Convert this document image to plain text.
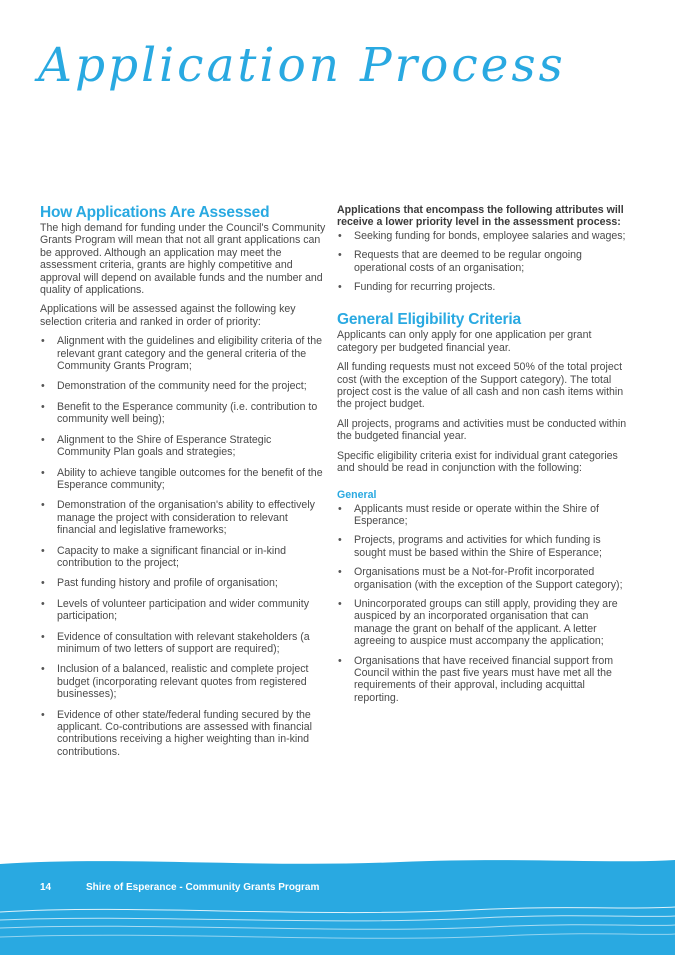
Application Process
How Applications Are Assessed

The high demand for funding under the Council's Community Grants Program will mean that not all grant applications can be approved. Although an application may meet the assessment criteria, grants are highly competitive and approval will depend on available funds and the number and quality of applications.

Applications will be assessed against the following key selection criteria and ranked in order of priority:

• Alignment with the guidelines and eligibility criteria of the relevant grant category and the general criteria of the Community Grants Program;
• Demonstration of the community need for the project;
• Benefit to the Esperance community (i.e. contribution to community well being);
• Alignment to the Shire of Esperance Strategic Community Plan goals and strategies;
• Ability to achieve tangible outcomes for the benefit of the Esperance community;
• Demonstration of the organisation's ability to effectively manage the project with consideration to relevant financial and legislative frameworks;
• Capacity to make a significant financial or in-kind contribution to the project;
• Past funding history and profile of organisation;
• Levels of volunteer participation and wider community participation;
• Evidence of consultation with relevant stakeholders (a minimum of two letters of support are required);
• Inclusion of a balanced, realistic and complete project budget (incorporating relevant quotes from registered businesses);
• Evidence of other state/federal funding secured by the applicant. Co-contributions are assessed with financial contributions receiving a higher weighting than in-kind contributions.

Applications that encompass the following attributes will receive a lower priority level in the assessment process:

• Seeking funding for bonds, employee salaries and wages;
• Requests that are deemed to be regular ongoing operational costs of an organisation;
• Funding for recurring projects.
General Eligibility Criteria

Applicants can only apply for one application per grant category per budgeted financial year.

All funding requests must not exceed 50% of the total project cost (with the exception of the Support category). The total project cost is the value of all cash and non cash items within the project budget.

All projects, programs and activities must be conducted within the budgeted financial year.

Specific eligibility criteria exist for individual grant categories and should be read in conjunction with the following:

General
• Applicants must reside or operate within the Shire of Esperance;
• Projects, programs and activities for which funding is sought must be based within the Shire of Esperance;
• Organisations must be a Not-for-Profit incorporated organisation (with the exception of the Support category);
• Unincorporated groups can still apply, providing they are auspiced by an incorporated organisation that can manage the grant on behalf of the applicant. A letter agreeing to auspice must accompany the application;
• Organisations that have received financial support from Council within the past five years must have met all the requirements of their approval, including acquittal reporting.
14	Shire of Esperance - Community Grants Program
